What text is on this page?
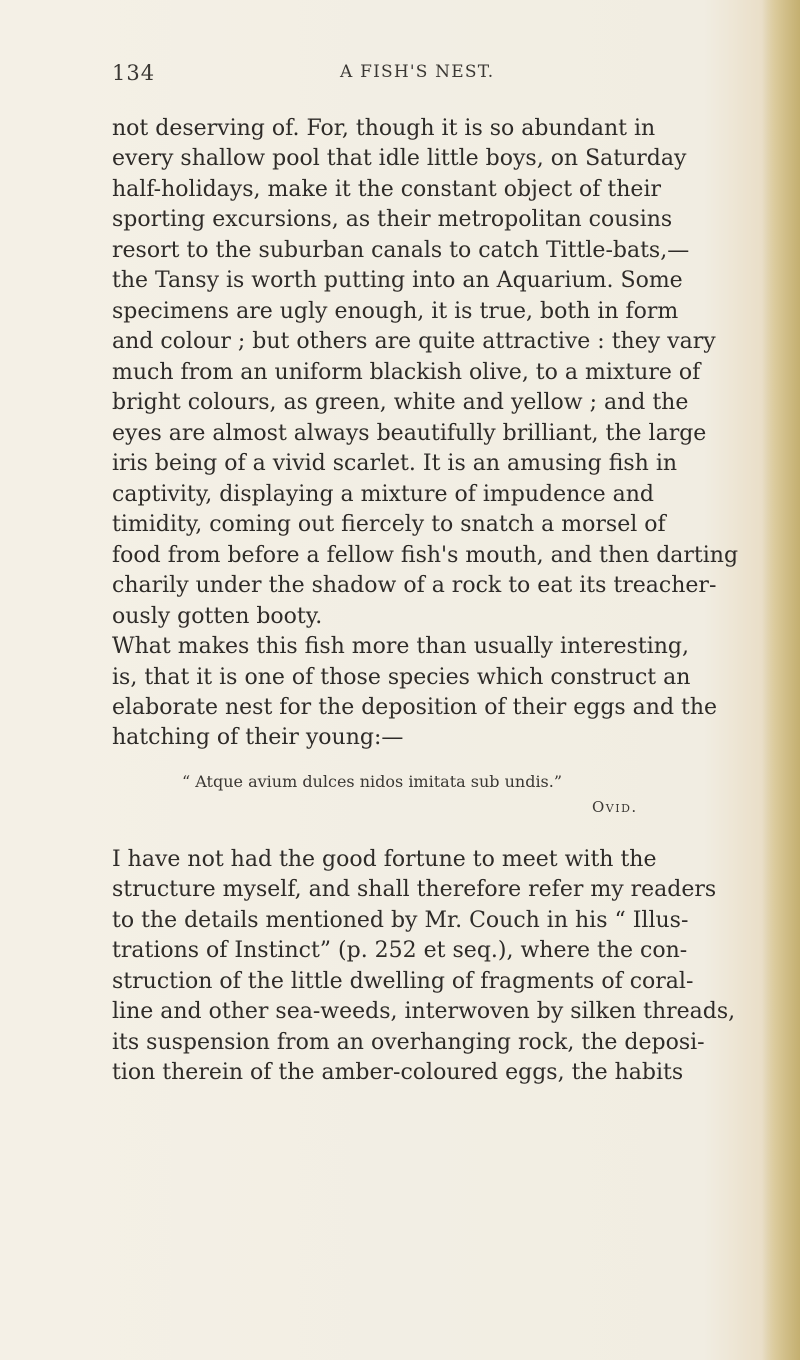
134	A FISH'S NEST.
not deserving of. For, though it is so abundant in
every shallow pool that idle little boys, on Saturday
half-holidays, make it the constant object of their
sporting excursions, as their metropolitan cousins
resort to the suburban canals to catch Tittle-bats,—
the Tansy is worth putting into an Aquarium. Some
specimens are ugly enough, it is true, both in form
and colour ; but others are quite attractive : they vary
much from an uniform blackish olive, to a mixture of
bright colours, as green, white and yellow ; and the
eyes are almost always beautifully brilliant, the large
iris being of a vivid scarlet. It is an amusing fish in
captivity, displaying a mixture of impudence and
timidity, coming out fiercely to snatch a morsel of
food from before a fellow fish's mouth, and then darting
charily under the shadow of a rock to eat its treacher-
ously gotten booty.
What makes this fish more than usually interesting,
is, that it is one of those species which construct an
elaborate nest for the deposition of their eggs and the
hatching of their young:—
“ Atque avium dulces nidos imitata sub undis.”
Ovid.
I have not had the good fortune to meet with the
structure myself, and shall therefore refer my readers
to the details mentioned by Mr. Couch in his “ Illus-
trations of Instinct” (p. 252 et seq.), where the con-
struction of the little dwelling of fragments of coral-
line and other sea-weeds, interwoven by silken threads,
its suspension from an overhanging rock, the deposi-
tion therein of the amber-coloured eggs, the habits
